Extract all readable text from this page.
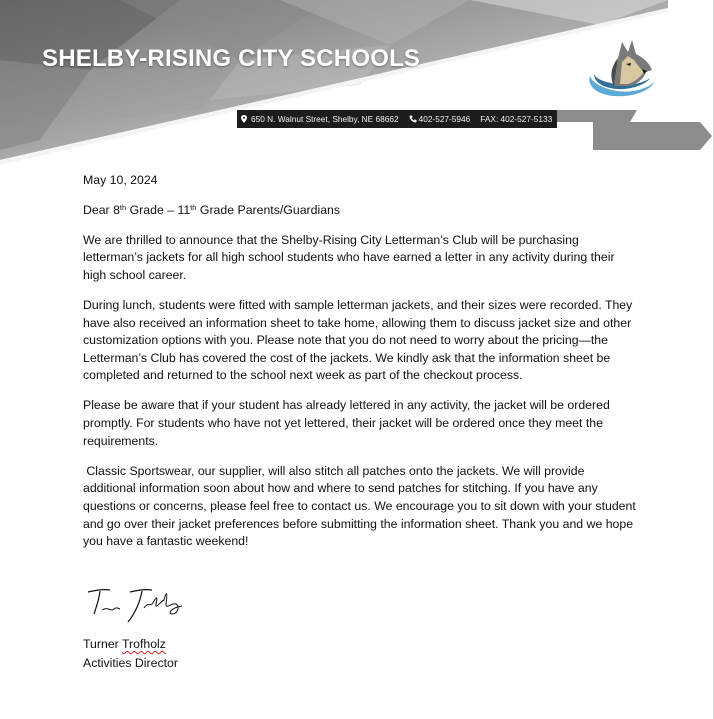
SHELBY-RISING CITY SCHOOLS
650 N. Walnut Street, Shelby, NE 68662 402-527-5946 FAX: 402-527-5133

May 10, 2024

Dear 8th Grade – 11th Grade Parents/Guardians

We are thrilled to announce that the Shelby-Rising City Letterman’s Club will be purchasing letterman’s jackets for all high school students who have earned a letter in any activity during their high school career.

During lunch, students were fitted with sample letterman jackets, and their sizes were recorded. They have also received an information sheet to take home, allowing them to discuss jacket size and other customization options with you. Please note that you do not need to worry about the pricing—the Letterman’s Club has covered the cost of the jackets. We kindly ask that the information sheet be completed and returned to the school next week as part of the checkout process.

Please be aware that if your student has already lettered in any activity, the jacket will be ordered promptly. For students who have not yet lettered, their jacket will be ordered once they meet the requirements.

Classic Sportswear, our supplier, will also stitch all patches onto the jackets. We will provide additional information soon about how and where to send patches for stitching. If you have any questions or concerns, please feel free to contact us. We encourage you to sit down with your student and go over their jacket preferences before submitting the information sheet. Thank you and we hope you have a fantastic weekend!

Turner Trofholz
Activities Director
